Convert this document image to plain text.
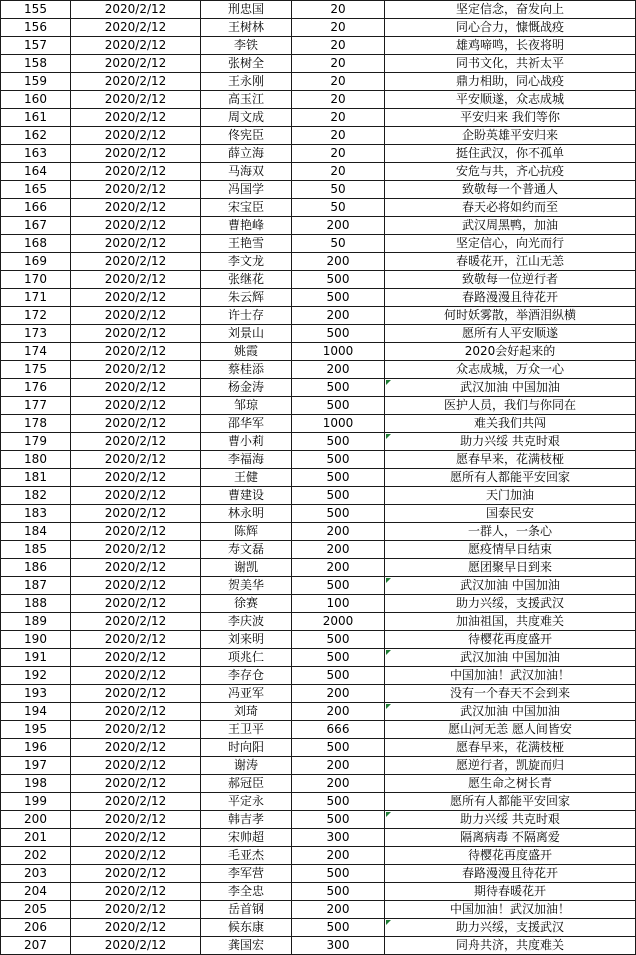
155	2020/2/12	刑忠国	20	坚定信念，奋发向上
156	2020/2/12	王树林	20	同心合力，慷慨战疫
157	2020/2/12	李铁	20	雄鸡啼鸣，长夜将明
158	2020/2/12	张树全	20	同书文化，共祈太平
159	2020/2/12	王永刚	20	鼎力相助，同心战疫
160	2020/2/12	高玉江	20	平安顺遂，众志成城
161	2020/2/12	周文成	20	平安归来 我们等你
162	2020/2/12	佟宪臣	20	企盼英雄平安归来
163	2020/2/12	薛立海	20	挺住武汉，你不孤单
164	2020/2/12	马海双	20	安危与共，齐心抗疫
165	2020/2/12	冯国学	50	致敬每一个普通人
166	2020/2/12	宋宝臣	50	春天必将如约而至
167	2020/2/12	曹艳峰	200	武汉周黑鸭，加油
168	2020/2/12	王艳雪	50	坚定信心，向光而行
169	2020/2/12	李文龙	200	春暖花开，江山无恙
170	2020/2/12	张继花	500	致敬每一位逆行者
171	2020/2/12	朱云辉	500	春路漫漫且待花开
172	2020/2/12	许士存	200	何时妖雾散，举酒泪纵横
173	2020/2/12	刘景山	500	愿所有人平安顺遂
174	2020/2/12	姚霞	1000	2020会好起来的
175	2020/2/12	蔡桂添	200	众志成城，万众一心
176	2020/2/12	杨金涛	500	武汉加油 中国加油
177	2020/2/12	邹琼	500	医护人员，我们与你同在
178	2020/2/12	邵华军	1000	难关我们共闯
179	2020/2/12	曹小莉	500	助力兴绥 共克时艰
180	2020/2/12	李福海	500	愿春早来，花满枝桠
181	2020/2/12	王健	500	愿所有人都能平安回家
182	2020/2/12	曹建设	500	天门加油
183	2020/2/12	林永明	500	国泰民安
184	2020/2/12	陈辉	200	一群人，一条心
185	2020/2/12	寿文磊	200	愿疫情早日结束
186	2020/2/12	谢凯	200	愿团聚早日到来
187	2020/2/12	贺美华	500	武汉加油 中国加油
188	2020/2/12	徐赛	100	助力兴绥，支援武汉
189	2020/2/12	李庆波	2000	加油祖国，共度难关
190	2020/2/12	刘来明	500	待樱花再度盛开
191	2020/2/12	项兆仁	500	武汉加油 中国加油
192	2020/2/12	李存仓	500	中国加油！武汉加油！
193	2020/2/12	冯亚军	200	没有一个春天不会到来
194	2020/2/12	刘琦	200	武汉加油 中国加油
195	2020/2/12	王卫平	666	愿山河无恙 愿人间皆安
196	2020/2/12	时向阳	500	愿春早来，花满枝桠
197	2020/2/12	谢涛	200	愿逆行者，凯旋而归
198	2020/2/12	郝冠臣	200	愿生命之树长青
199	2020/2/12	平定永	500	愿所有人都能平安回家
200	2020/2/12	韩吉孝	500	助力兴绥 共克时艰
201	2020/2/12	宋帅超	300	隔离病毒 不隔离爱
202	2020/2/12	毛亚杰	200	待樱花再度盛开
203	2020/2/12	李军营	500	春路漫漫且待花开
204	2020/2/12	李全忠	500	期待春暖花开
205	2020/2/12	岳首钢	200	中国加油！武汉加油！
206	2020/2/12	候东康	500	助力兴绥，支援武汉
207	2020/2/12	龚国宏	300	同舟共济，共度难关
